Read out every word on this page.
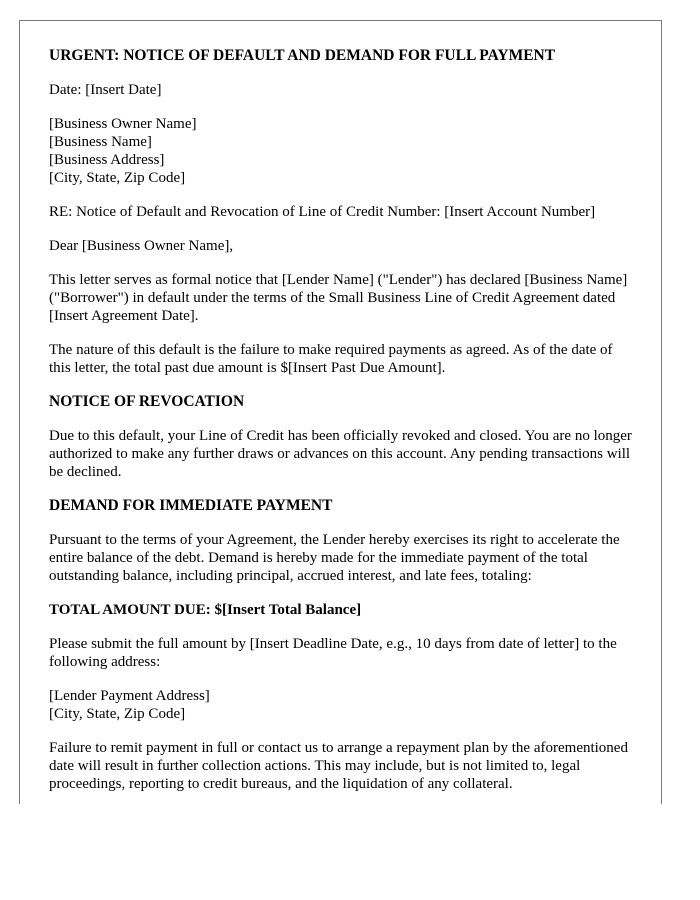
URGENT: NOTICE OF DEFAULT AND DEMAND FOR FULL PAYMENT

Date: [Insert Date]

[Business Owner Name]
[Business Name]
[Business Address]
[City, State, Zip Code]

RE: Notice of Default and Revocation of Line of Credit Number: [Insert Account Number]

Dear [Business Owner Name],

This letter serves as formal notice that [Lender Name] ("Lender") has declared [Business Name] ("Borrower") in default under the terms of the Small Business Line of Credit Agreement dated [Insert Agreement Date].

The nature of this default is the failure to make required payments as agreed. As of the date of this letter, the total past due amount is $[Insert Past Due Amount].

NOTICE OF REVOCATION

Due to this default, your Line of Credit has been officially revoked and closed. You are no longer authorized to make any further draws or advances on this account. Any pending transactions will be declined.

DEMAND FOR IMMEDIATE PAYMENT

Pursuant to the terms of your Agreement, the Lender hereby exercises its right to accelerate the entire balance of the debt. Demand is hereby made for the immediate payment of the total outstanding balance, including principal, accrued interest, and late fees, totaling:

TOTAL AMOUNT DUE: $[Insert Total Balance]

Please submit the full amount by [Insert Deadline Date, e.g., 10 days from date of letter] to the following address:

[Lender Payment Address]
[City, State, Zip Code]

Failure to remit payment in full or contact us to arrange a repayment plan by the aforementioned date will result in further collection actions. This may include, but is not limited to, legal proceedings, reporting to credit bureaus, and the liquidation of any collateral.
